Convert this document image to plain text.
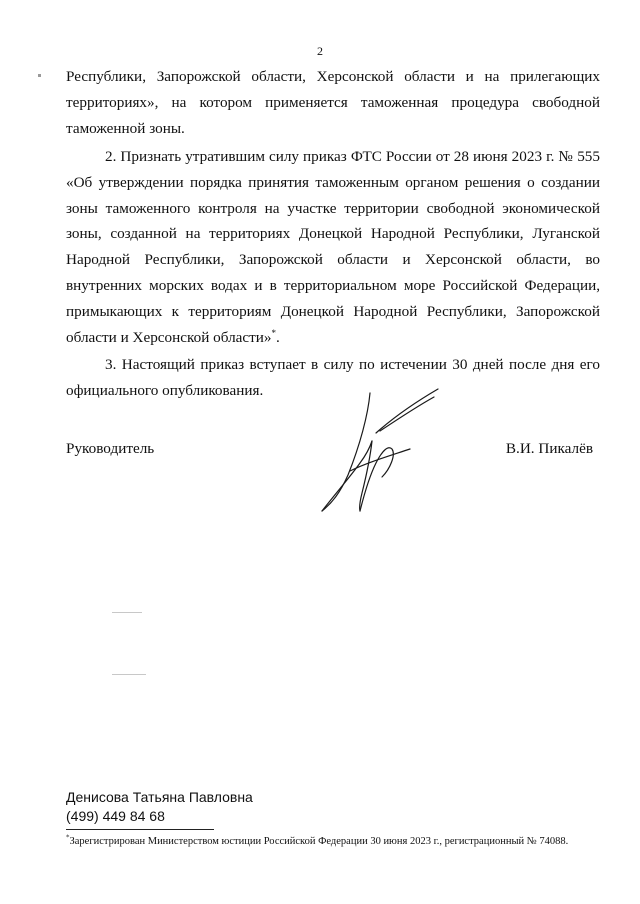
2

Республики, Запорожской области, Херсонской области и на прилегающих территориях», на котором применяется таможенная процедура свободной таможенной зоны.

2. Признать утратившим силу приказ ФТС России от 28 июня 2023 г. № 555 «Об утверждении порядка принятия таможенным органом решения о создании зоны таможенного контроля на участке территории свободной экономической зоны, созданной на территориях Донецкой Народной Республики, Луганской Народной Республики, Запорожской области и Херсонской области, во внутренних морских водах и в территориальном море Российской Федерации, примыкающих к территориям Донецкой Народной Республики, Запорожской области и Херсонской области»*.

3. Настоящий приказ вступает в силу по истечении 30 дней после дня его официального опубликования.

Руководитель	В.И. Пикалёв
Денисова Татьяна Павловна
(499) 449 84 68
*Зарегистрирован Министерством юстиции Российской Федерации 30 июня 2023 г., регистрационный № 74088.
